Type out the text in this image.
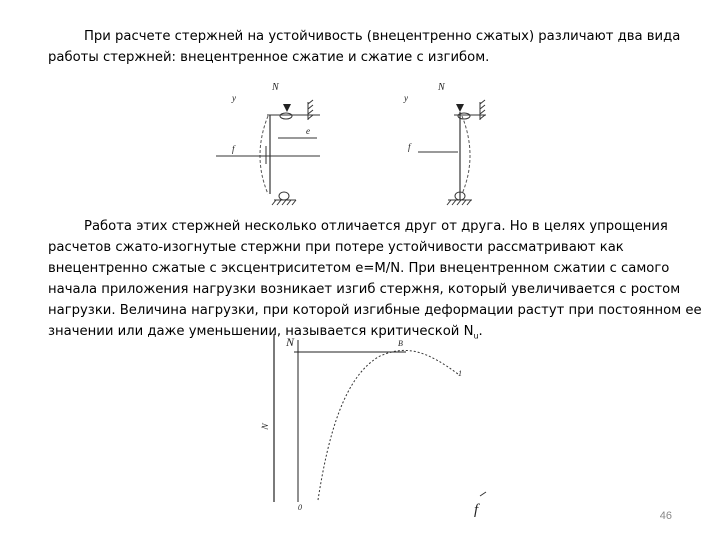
При расчете стержней на устойчивость (внецентренно сжатых) различают два вида работы стержней: внецентренное сжатие и сжатие с изгибом.

y
N
e
f
y
N
f

Работа этих стержней несколько отличается друг от друга. Но в целях упрощения расчетов сжато-изогнутые стержни при потере устойчивости рассматривают как внецентренно сжатые с эксцентриситетом e=M/N. При внецентренном сжатии с самого начала приложения нагрузки возникает изгиб стержня, который увеличивается с ростом нагрузки. Величина нагрузки, при которой изгибные деформации растут при постоянном ее значении или даже уменьшении, называется критической $N_u$.

N	B
1
N
0	f	46
